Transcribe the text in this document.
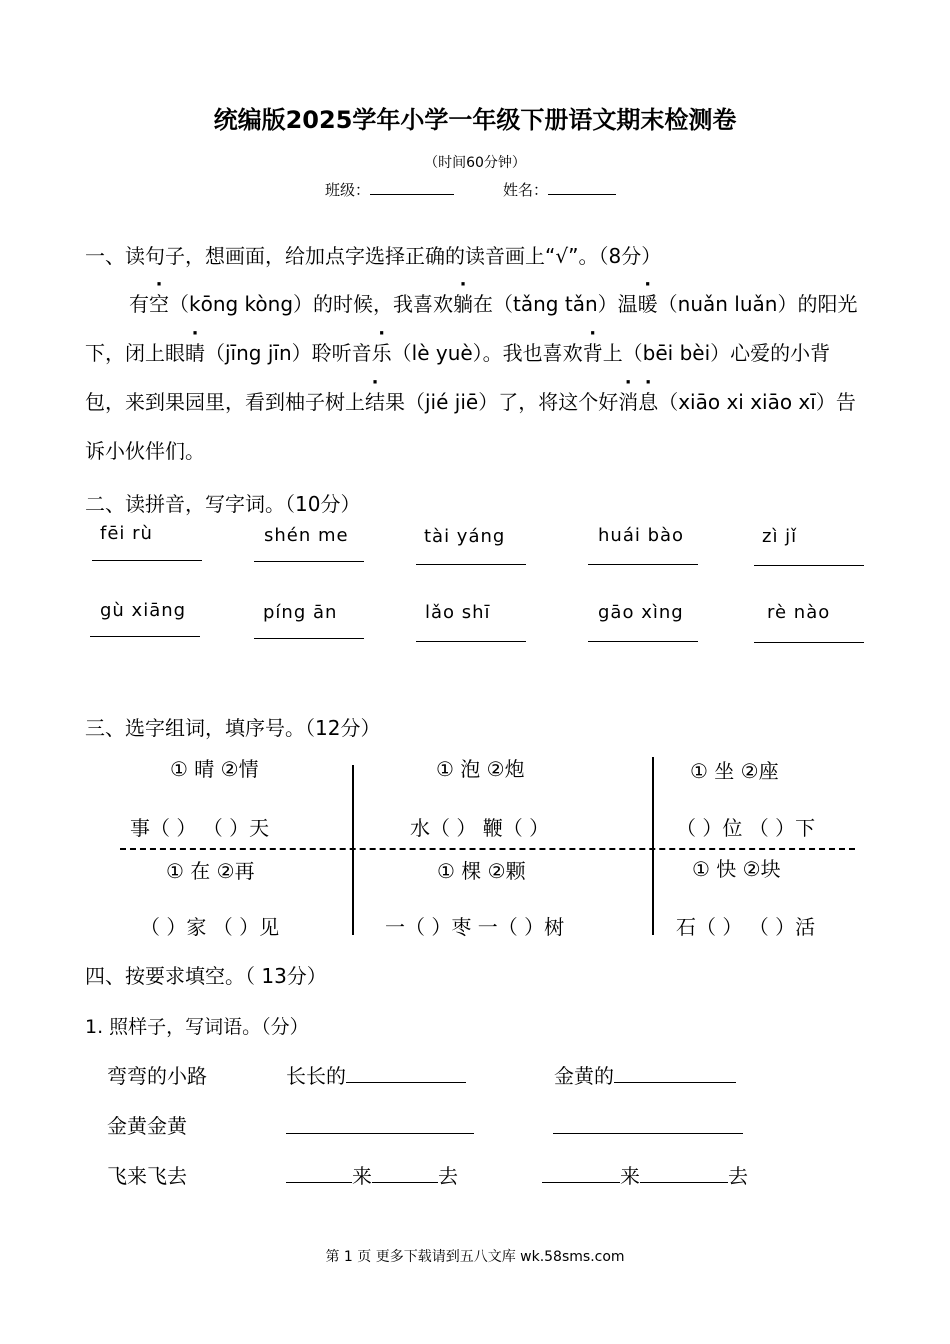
统编版2025学年小学一年级下册语文期末检测卷
（时间60分钟）
班级：	姓名：
一、读句子，想画面，给加点字选择正确的读音画上“√”。（8分）
有空（kōng kòng）的时候，我喜欢躺在（tǎng tǎn）温暖（nuǎn luǎn）的阳光下，闭上眼睛（jīng jīn）聆听音乐（lè yuè）。我也喜欢背上（bēi bèi）心爱的小背包，来到果园里，看到柚子树上结果（jié jiē）了，将这个好消息（xiāo xi xiāo xī）告诉小伙伴们。
二、读拼音，写字词。（10分）
fēi rù	shén me	tài yáng	huái bào	zì jǐ
gù xiāng	píng ān	lǎo shī	gāo xìng	rè nào
三、选字组词，填序号。（12分）
① 晴 ②情
事（ ） （ ）天
① 泡 ②炮
水（ ） 鞭（ ）
① 坐 ②座
（ ）位 （ ）下
① 在 ②再
（ ）家 （ ）见
① 棵 ②颗
一（ ）枣 一（ ）树
① 快 ②块
石（ ） （ ）活
四、按要求填空。（ 13分）
1. 照样子，写词语。（分）
弯弯的小路	长长的	金黄的
金黄金黄
飞来飞去	来	去	来	去
第 1 页 更多下载请到五八文库 wk.58sms.com
